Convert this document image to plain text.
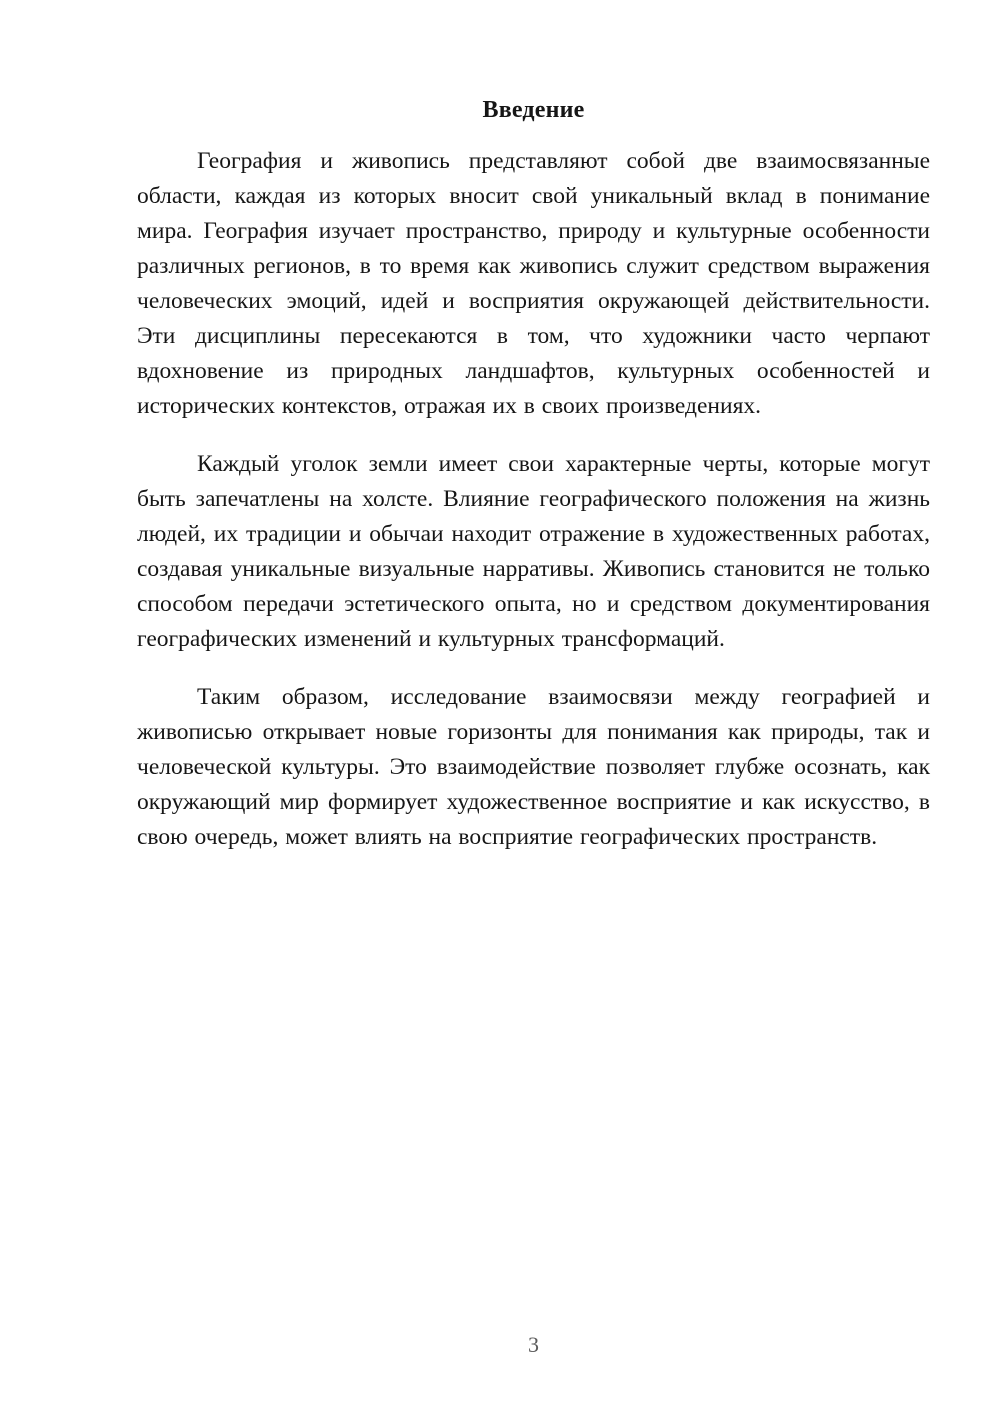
Введение

География и живопись представляют собой две взаимосвязанные области, каждая из которых вносит свой уникальный вклад в понимание мира. География изучает пространство, природу и культурные особенности различных регионов, в то время как живопись служит средством выражения человеческих эмоций, идей и восприятия окружающей действительности. Эти дисциплины пересекаются в том, что художники часто черпают вдохновение из природных ландшафтов, культурных особенностей и исторических контекстов, отражая их в своих произведениях.

Каждый уголок земли имеет свои характерные черты, которые могут быть запечатлены на холсте. Влияние географического положения на жизнь людей, их традиции и обычаи находит отражение в художественных работах, создавая уникальные визуальные нарративы. Живопись становится не только способом передачи эстетического опыта, но и средством документирования географических изменений и культурных трансформаций.

Таким образом, исследование взаимосвязи между географией и живописью открывает новые горизонты для понимания как природы, так и человеческой культуры. Это взаимодействие позволяет глубже осознать, как окружающий мир формирует художественное восприятие и как искусство, в свою очередь, может влиять на восприятие географических пространств.

3
